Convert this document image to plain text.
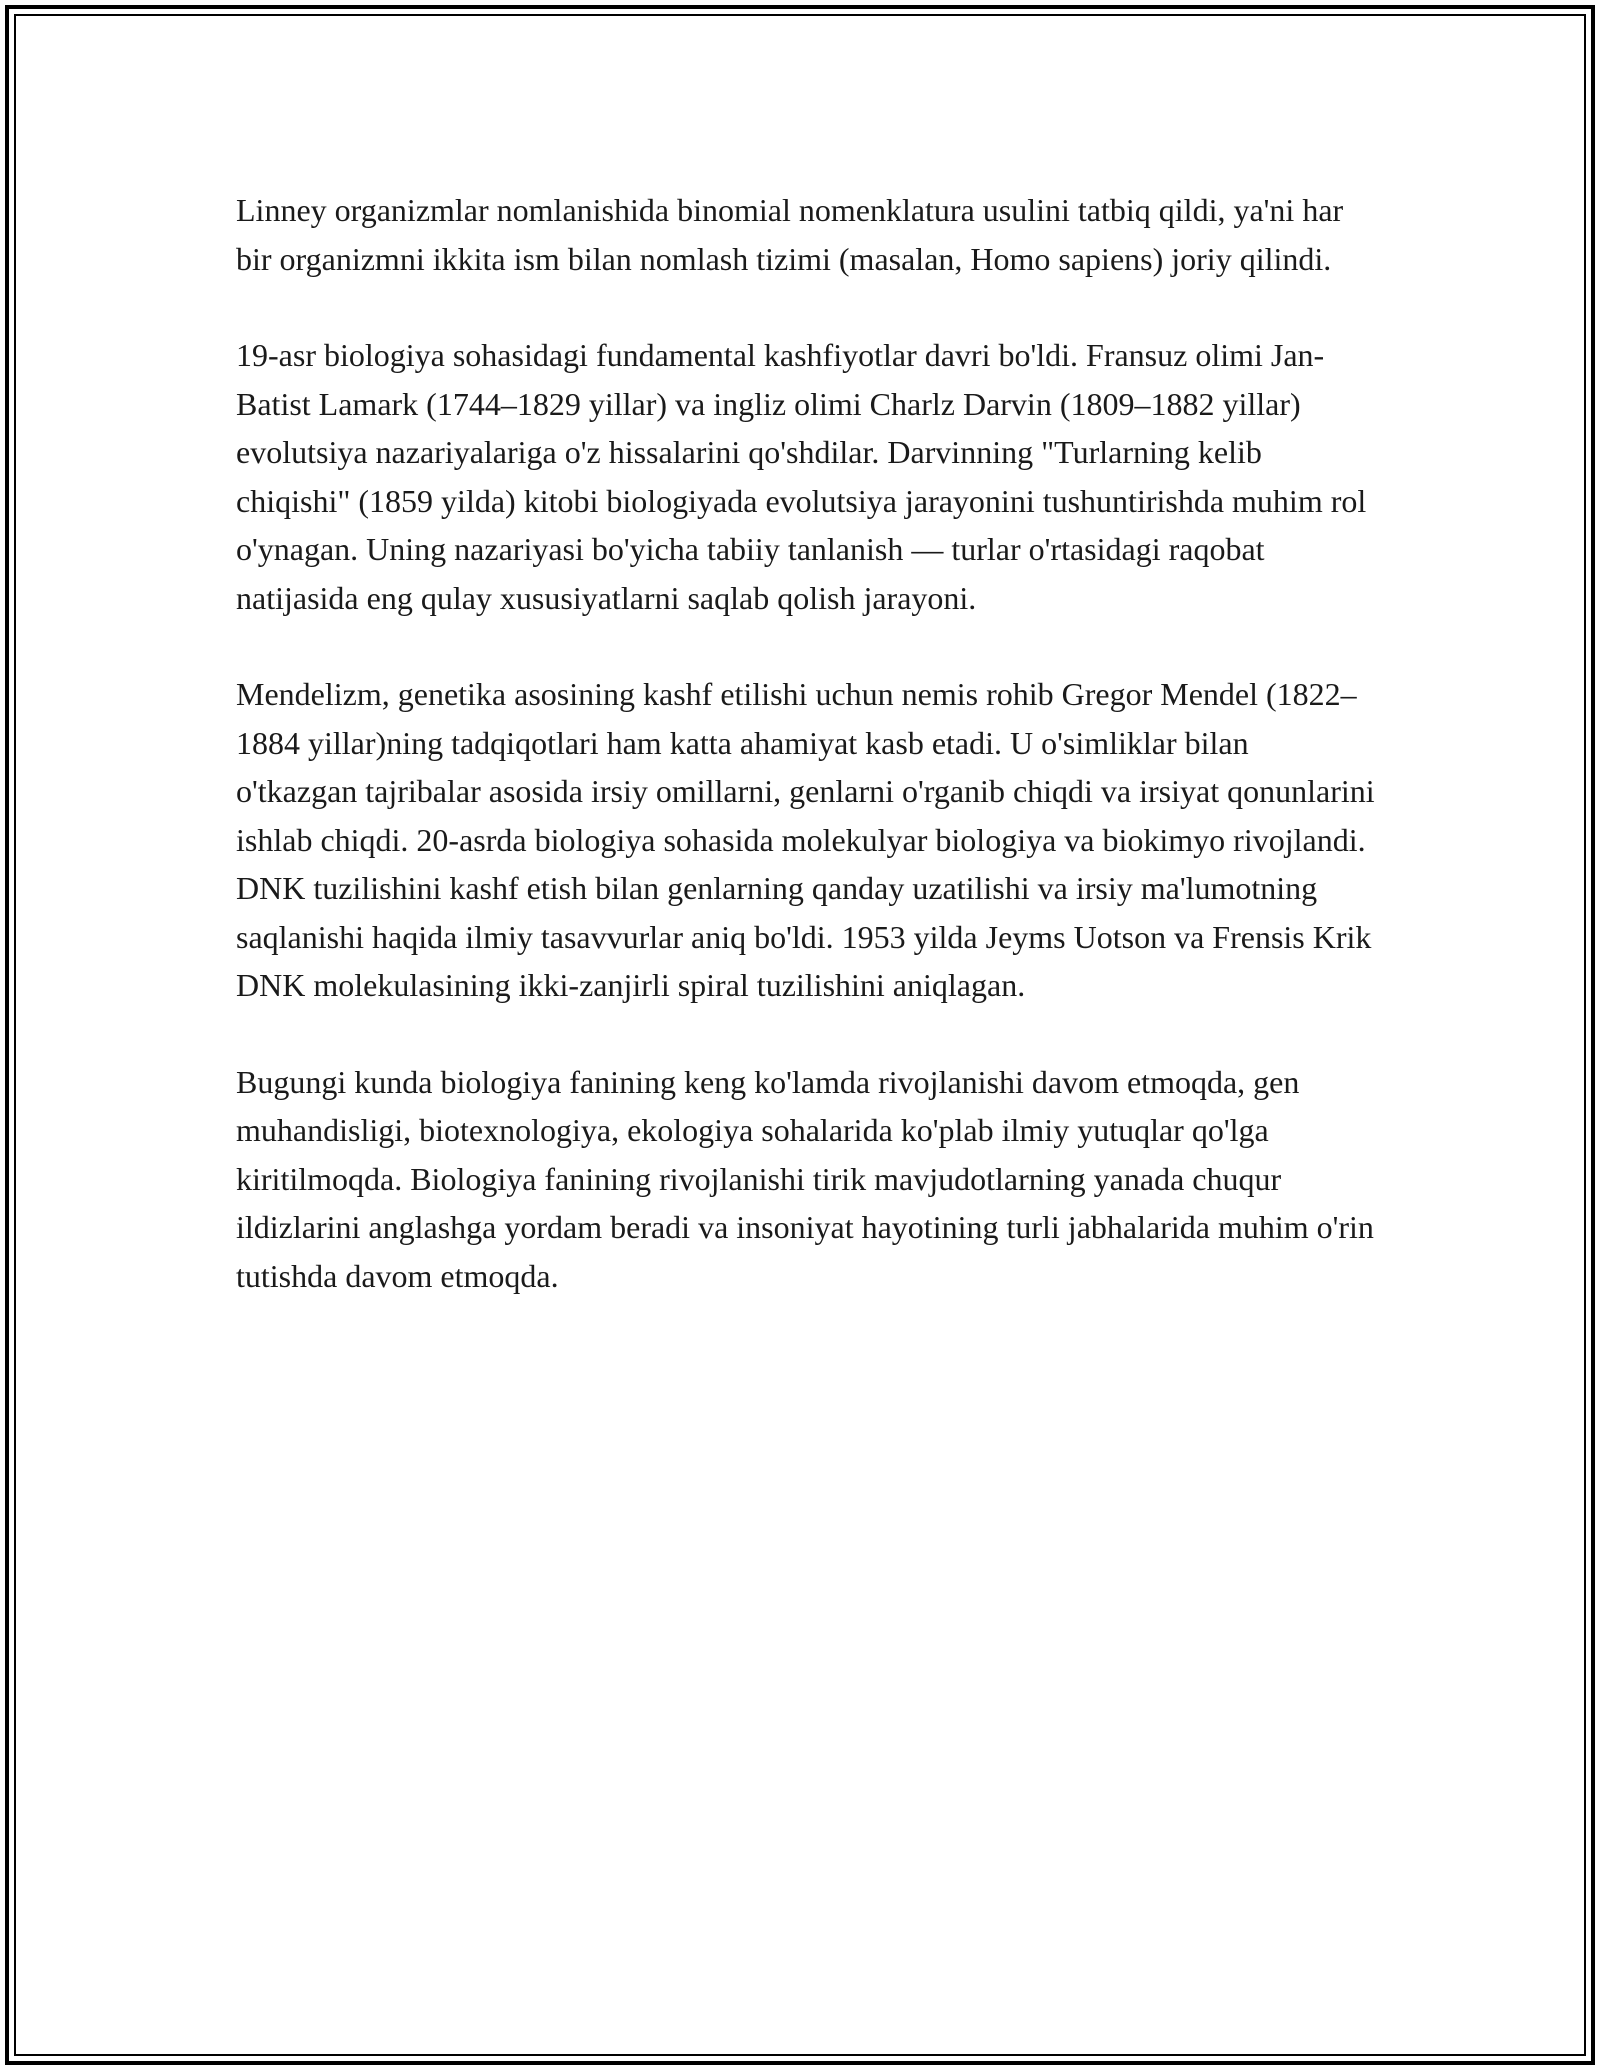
Linney organizmlar nomlanishida binomial nomenklatura usulini tatbiq qildi, ya'ni har bir organizmni ikkita ism bilan nomlash tizimi (masalan, Homo sapiens) joriy qilindi.

19-asr biologiya sohasidagi fundamental kashfiyotlar davri bo'ldi. Fransuz olimi Jan-Batist Lamark (1744–1829 yillar) va ingliz olimi Charlz Darvin (1809–1882 yillar) evolutsiya nazariyalariga o'z hissalarini qo'shdilar. Darvinning "Turlarning kelib chiqishi" (1859 yilda) kitobi biologiyada evolutsiya jarayonini tushuntirishda muhim rol o'ynagan. Uning nazariyasi bo'yicha tabiiy tanlanish — turlar o'rtasidagi raqobat natijasida eng qulay xususiyatlarni saqlab qolish jarayoni.

Mendelizm, genetika asosining kashf etilishi uchun nemis rohib Gregor Mendel (1822–1884 yillar)ning tadqiqotlari ham katta ahamiyat kasb etadi. U o'simliklar bilan o'tkazgan tajribalar asosida irsiy omillarni, genlarni o'rganib chiqdi va irsiyat qonunlarini ishlab chiqdi. 20-asrda biologiya sohasida molekulyar biologiya va biokimyo rivojlandi. DNK tuzilishini kashf etish bilan genlarning qanday uzatilishi va irsiy ma'lumotning saqlanishi haqida ilmiy tasavvurlar aniq bo'ldi. 1953 yilda Jeyms Uotson va Frensis Krik DNK molekulasining ikki-zanjirli spiral tuzilishini aniqlagan.

Bugungi kunda biologiya fanining keng ko'lamda rivojlanishi davom etmoqda, gen muhandisligi, biotexnologiya, ekologiya sohalarida ko'plab ilmiy yutuqlar qo'lga kiritilmoqda. Biologiya fanining rivojlanishi tirik mavjudotlarning yanada chuqur ildizlarini anglashga yordam beradi va insoniyat hayotining turli jabhalarida muhim o'rin tutishda davom etmoqda.
